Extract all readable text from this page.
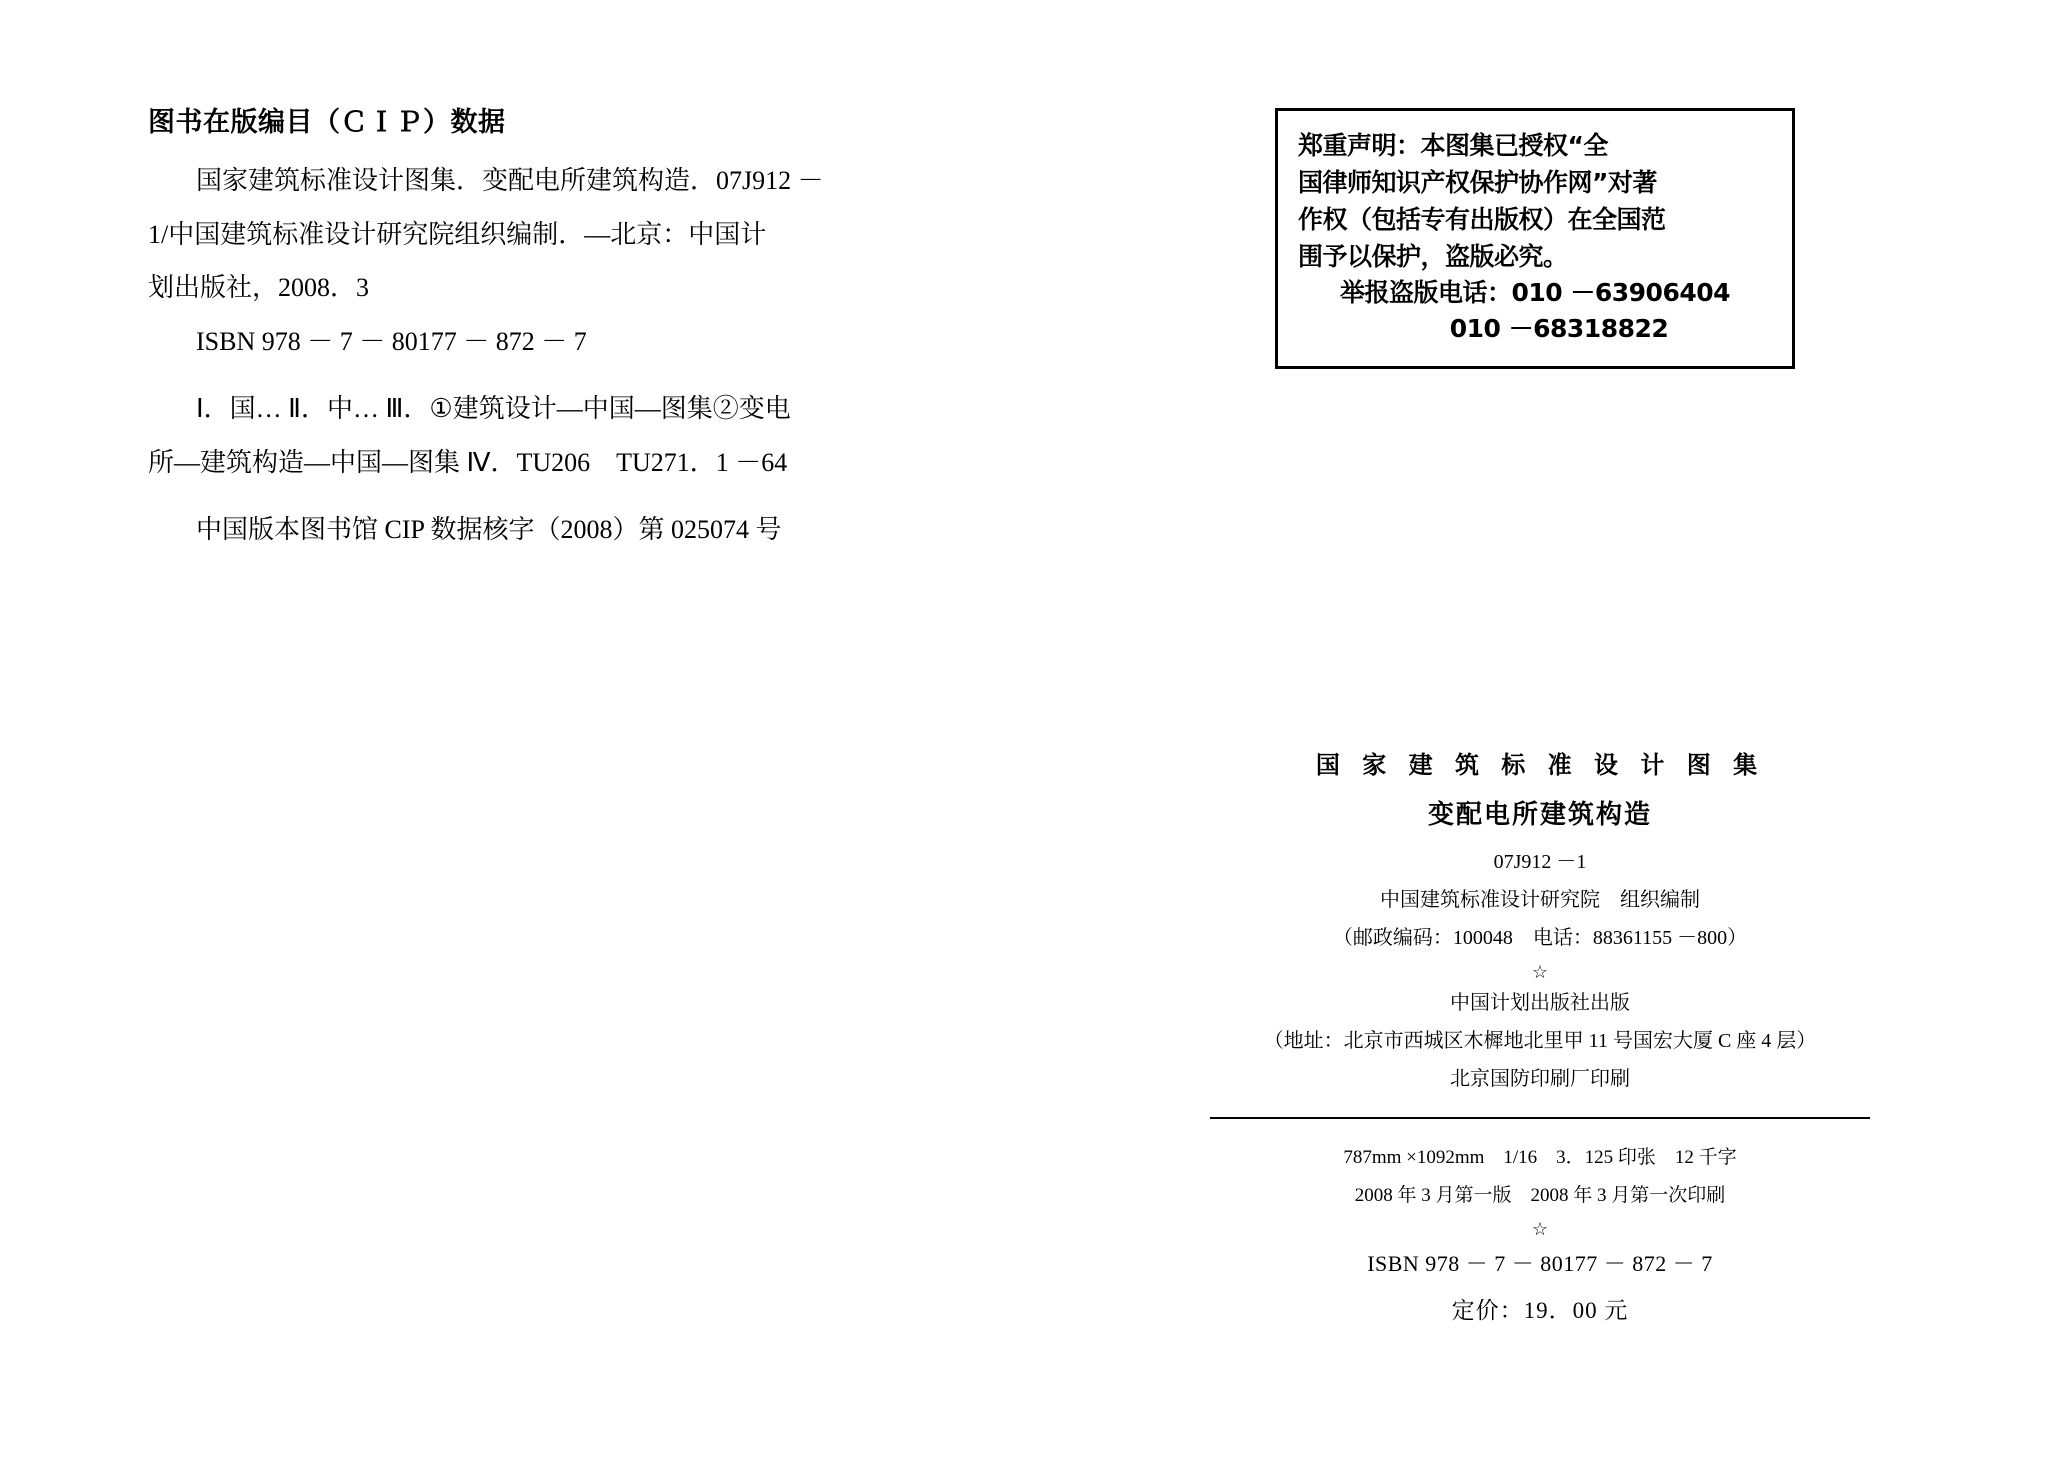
图书在版编目（ＣＩＰ）数据
国家建筑标准设计图集．变配电所建筑构造．07J912 －
1/中国建筑标准设计研究院组织编制．—北京：中国计
划出版社，2008．3
ISBN 978 － 7 － 80177 － 872 － 7
Ⅰ．国… Ⅱ．中… Ⅲ．①建筑设计—中国—图集②变电
所—建筑构造—中国—图集 Ⅳ．TU206　TU271．1 －64
中国版本图书馆 CIP 数据核字（2008）第 025074 号

郑重声明：本图集已授权“全

国律师知识产权保护协作网”对著

作权（包括专有出版权）在全国范

围予以保护，盗版必究。

举报盗版电话：010 －63906404

010 －68318822

国 家 建 筑 标 准 设 计 图 集
变配电所建筑构造
07J912 －1
中国建筑标准设计研究院　组织编制
（邮政编码：100048　电话：88361155 －800）
☆
中国计划出版社出版
（地址：北京市西城区木樨地北里甲 11 号国宏大厦 C 座 4 层）
北京国防印刷厂印刷
787mm ×1092mm　1/16　3．125 印张　12 千字
2008 年 3 月第一版　2008 年 3 月第一次印刷
☆
ISBN 978 － 7 － 80177 － 872 － 7
定价：19．00 元
